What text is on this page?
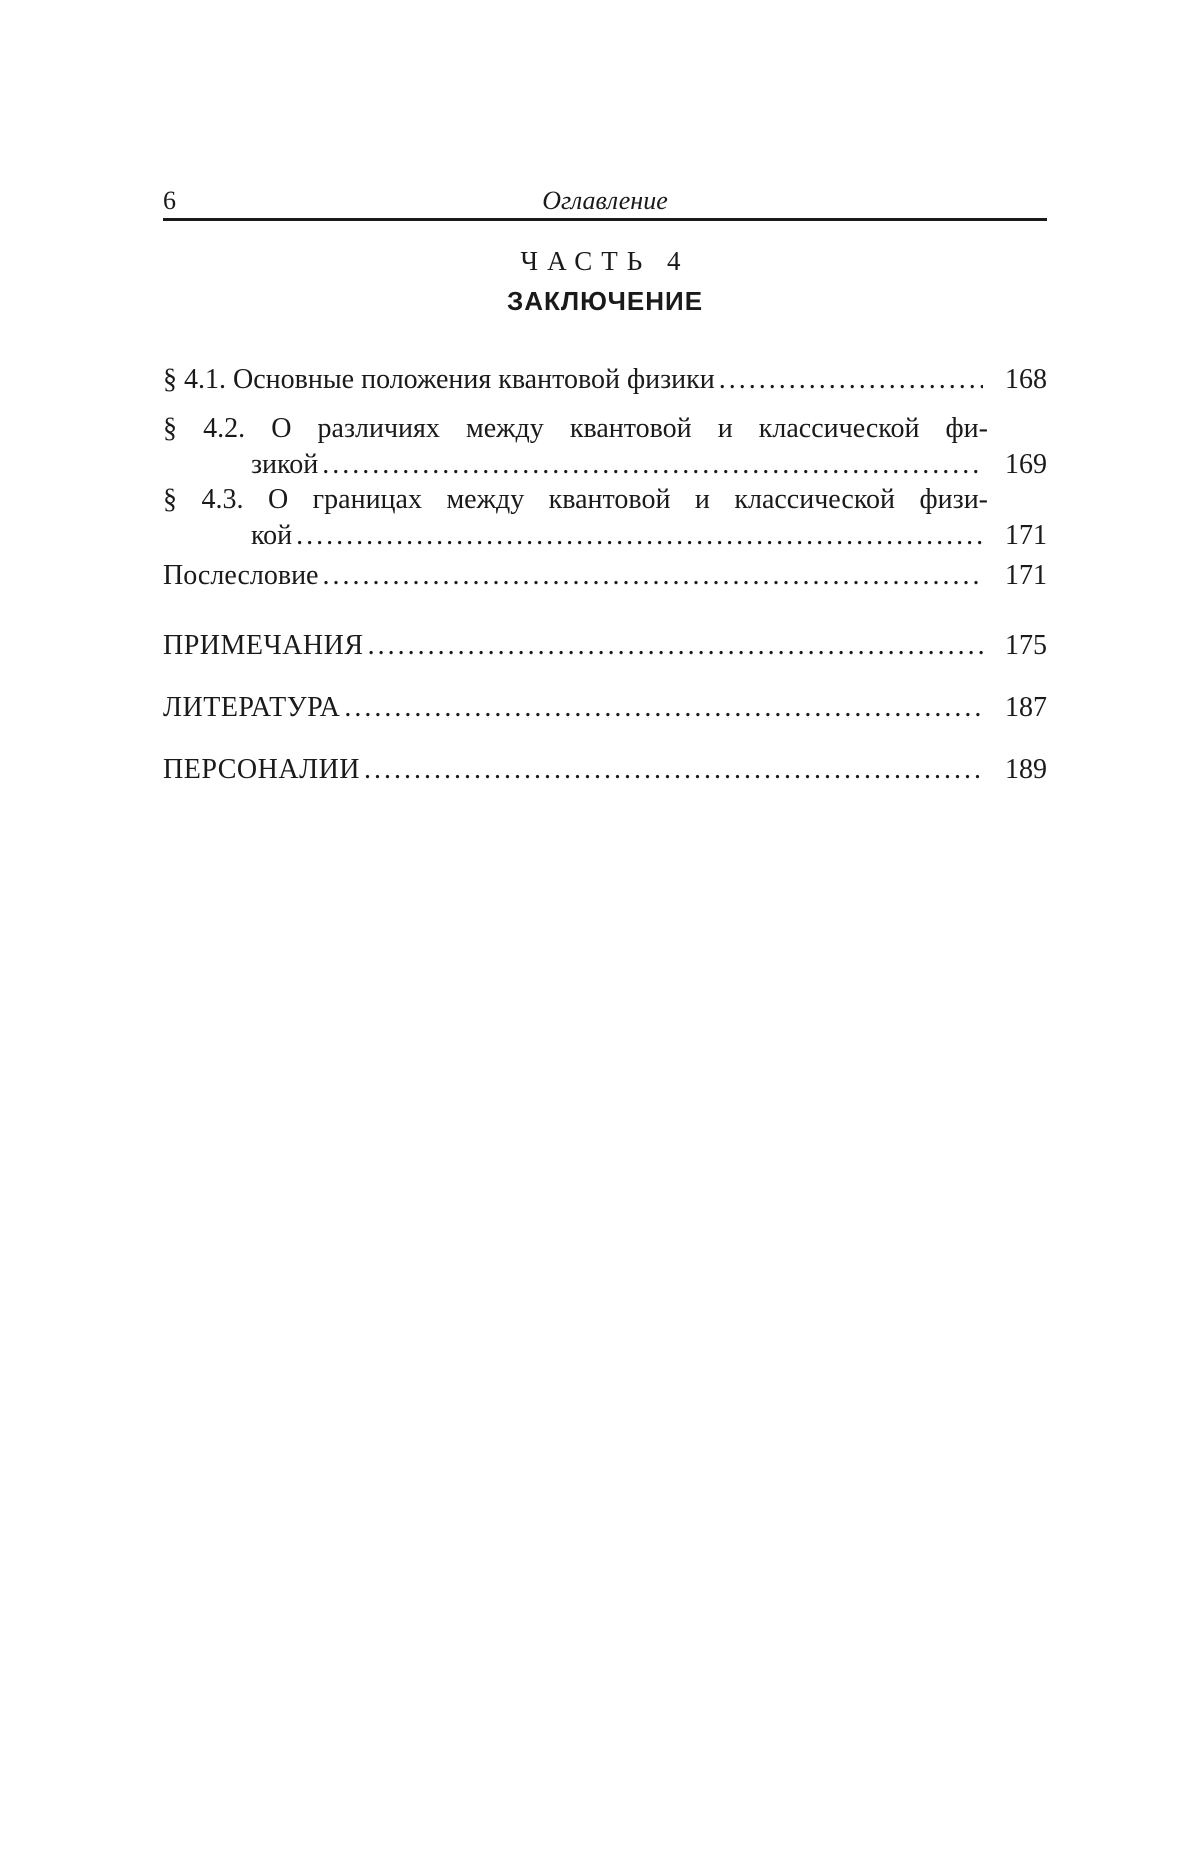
6	Оглавление
ЧАСТЬ 4
ЗАКЛЮЧЕНИЕ
§ 4.1. Основные положения квантовой физики . . .	168
§ 4.2. О различиях между квантовой и классической фи-
зикой . . .	169
§ 4.3. О границах между квантовой и классической физи-
кой . . .	171
Послесловие . . .	171
ПРИМЕЧАНИЯ . . .	175
ЛИТЕРАТУРА . . .	187
ПЕРСОНАЛИИ . . .	189
